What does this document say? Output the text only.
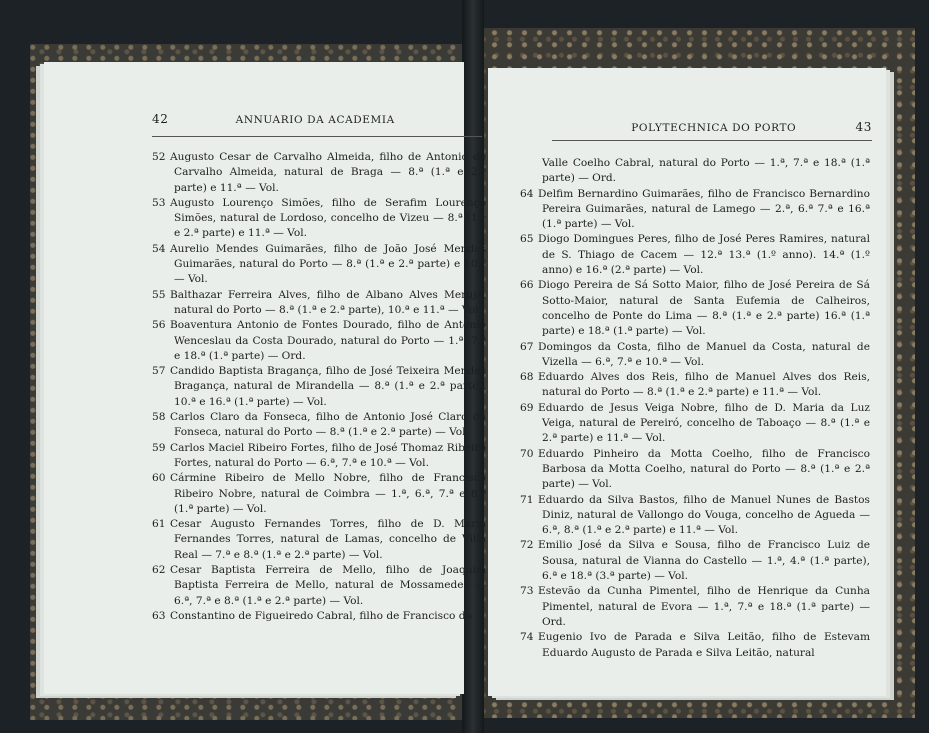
42	ANNUARIO DA ACADEMIA
52 Augusto Cesar de Carvalho Almeida, filho de Antonio de Carvalho Almeida, natural de Braga — 8.ª (1.ª e 2.ª parte) e 11.ª — Vol.
53 Augusto Lourenço Simões, filho de Serafim Lourenço Simões, natural de Lordoso, concelho de Vizeu — 8.ª (1.ª e 2.ª parte) e 11.ª — Vol.
54 Aurelio Mendes Guimarães, filho de João José Mendes Guimarães, natural do Porto — 8.ª (1.ª e 2.ª parte) e 10.ª — Vol.
55 Balthazar Ferreira Alves, filho de Albano Alves Meruja, natural do Porto — 8.ª (1.ª e 2.ª parte), 10.ª e 11.ª — Vol.
56 Boaventura Antonio de Fontes Dourado, filho de Antonio Wenceslau da Costa Dourado, natural do Porto — 1.ª, 7.ª e 18.ª (1.ª parte) — Ord.
57 Candido Baptista Bragança, filho de José Teixeira Mendes Bragança, natural de Mirandella — 8.ª (1.ª e 2.ª parte), 10.ª e 16.ª (1.ª parte) — Vol.
58 Carlos Claro da Fonseca, filho de Antonio José Claro da Fonseca, natural do Porto — 8.ª (1.ª e 2.ª parte) — Vol.
59 Carlos Maciel Ribeiro Fortes, filho de José Thomaz Ribeiro Fortes, natural do Porto — 6.ª, 7.ª e 10.ª — Vol.
60 Cármine Ribeiro de Mello Nobre, filho de Francisco Ribeiro Nobre, natural de Coimbra — 1.ª, 6.ª, 7.ª e 8.ª (1.ª parte) — Vol.
61 Cesar Augusto Fernandes Torres, filho de D. Maria Fernandes Torres, natural de Lamas, concelho de Villa Real — 7.ª e 8.ª (1.ª e 2.ª parte) — Vol.
62 Cesar Baptista Ferreira de Mello, filho de Joaquim Baptista Ferreira de Mello, natural de Mossamedes — 6.ª, 7.ª e 8.ª (1.ª e 2.ª parte) — Vol.
63 Constantino de Figueiredo Cabral, filho de Francisco do
POLYTECHNICA DO PORTO	43
Valle Coelho Cabral, natural do Porto — 1.ª, 7.ª e 18.ª (1.ª parte) — Ord.
64 Delfim Bernardino Guimarães, filho de Francisco Bernardino Pereira Guimarães, natural de Lamego — 2.ª, 6.ª 7.ª e 16.ª (1.ª parte) — Vol.
65 Diogo Domingues Peres, filho de José Peres Ramires, natural de S. Thiago de Cacem — 12.ª 13.ª (1.º anno). 14.ª (1.º anno) e 16.ª (2.ª parte) — Vol.
66 Diogo Pereira de Sá Sotto Maior, filho de José Pereira de Sá Sotto-Maior, natural de Santa Eufemia de Calheiros, concelho de Ponte do Lima — 8.ª (1.ª e 2.ª parte) 16.ª (1.ª parte) e 18.ª (1.ª parte) — Vol.
67 Domingos da Costa, filho de Manuel da Costa, natural de Vizella — 6.ª, 7.ª e 10.ª — Vol.
68 Eduardo Alves dos Reis, filho de Manuel Alves dos Reis, natural do Porto — 8.ª (1.ª e 2.ª parte) e 11.ª — Vol.
69 Eduardo de Jesus Veiga Nobre, filho de D. Maria da Luz Veiga, natural de Pereiró, concelho de Taboaço — 8.ª (1.ª e 2.ª parte) e 11.ª — Vol.
70 Eduardo Pinheiro da Motta Coelho, filho de Francisco Barbosa da Motta Coelho, natural do Porto — 8.ª (1.ª e 2.ª parte) — Vol.
71 Eduardo da Silva Bastos, filho de Manuel Nunes de Bastos Diniz, natural de Vallongo do Vouga, concelho de Agueda — 6.ª, 8.ª (1.ª e 2.ª parte) e 11.ª — Vol.
72 Emilio José da Silva e Sousa, filho de Francisco Luiz de Sousa, natural de Vianna do Castello — 1.ª, 4.ª (1.ª parte), 6.ª e 18.ª (3.ª parte) — Vol.
73 Estevão da Cunha Pimentel, filho de Henrique da Cunha Pimentel, natural de Evora — 1.ª, 7.ª e 18.ª (1.ª parte) — Ord.
74 Eugenio Ivo de Parada e Silva Leitão, filho de Estevam Eduardo Augusto de Parada e Silva Leitão, natural
